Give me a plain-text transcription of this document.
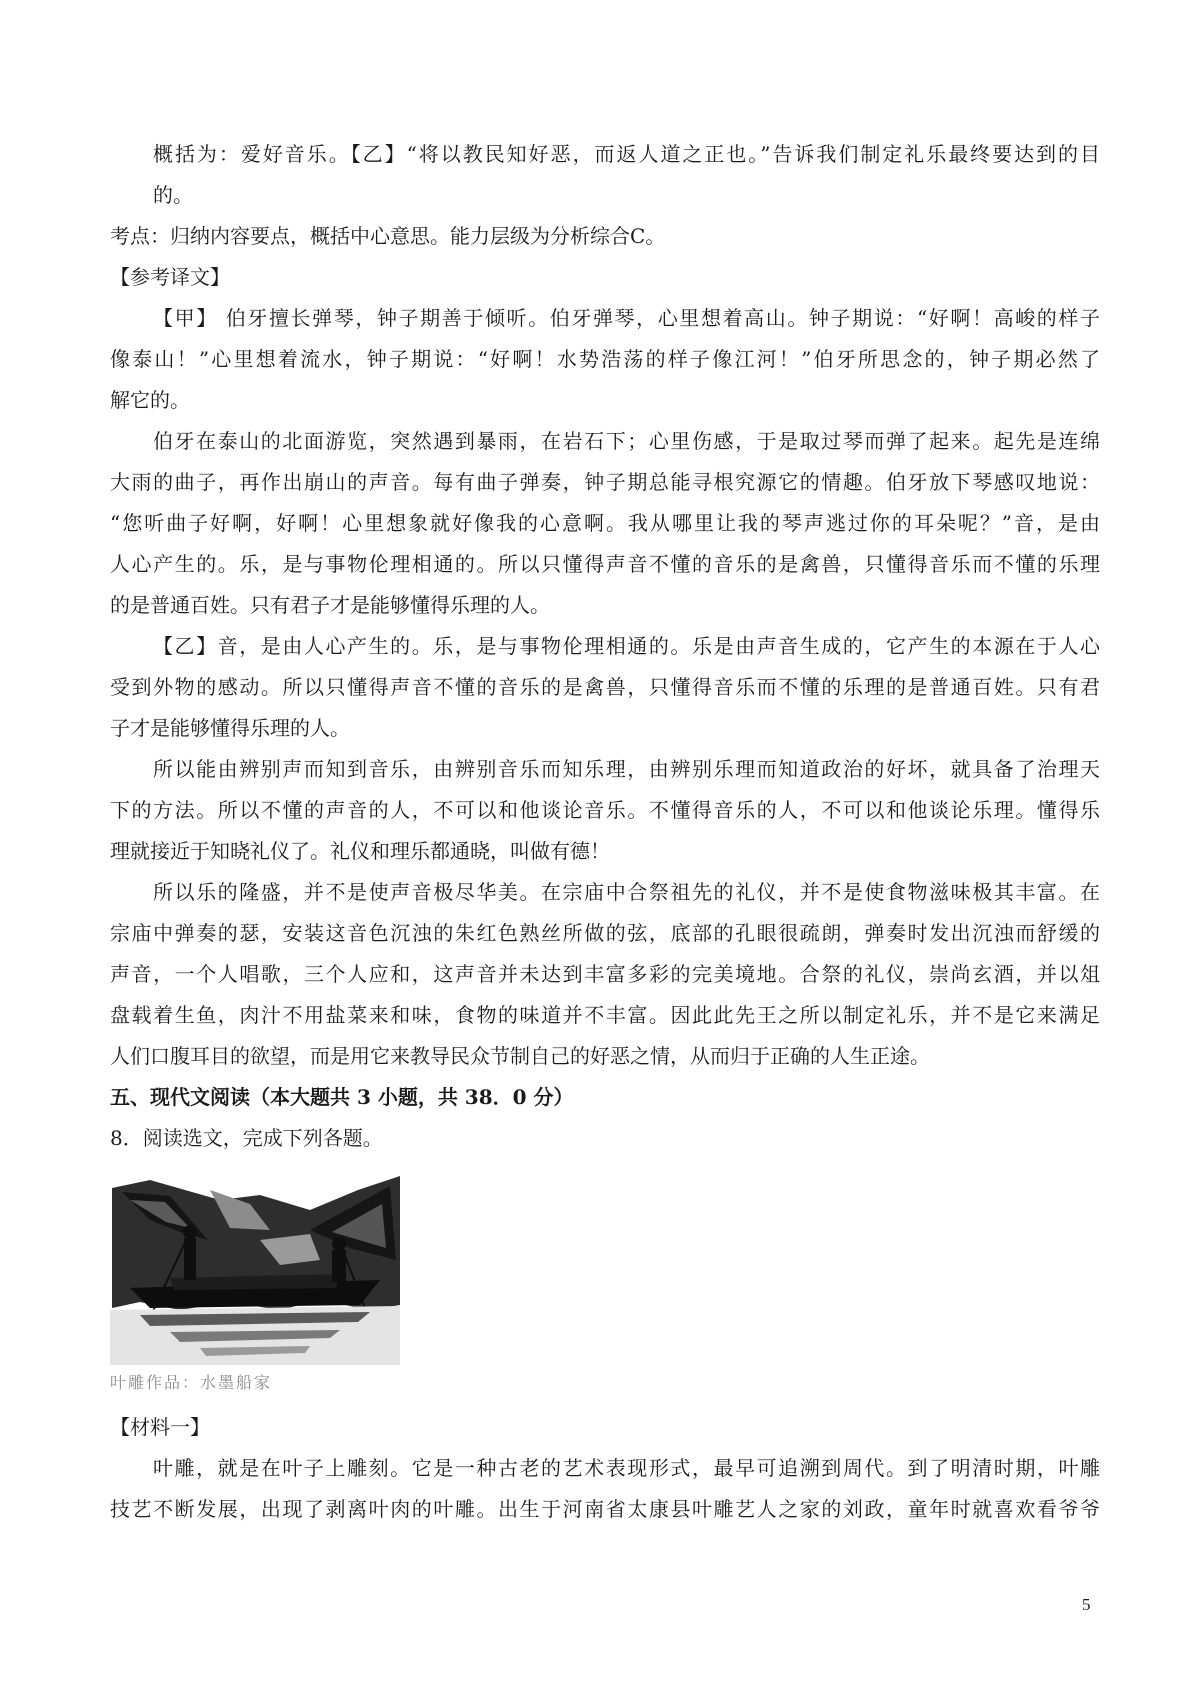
概括为：爱好音乐。【乙】“将以教民知好恶，而返人道之正也。”告诉我们制定礼乐最终要达到的目
的。
考点：归纳内容要点，概括中心意思。能力层级为分析综合C。
【参考译文】
【甲】 伯牙擅长弹琴，钟子期善于倾听。伯牙弹琴，心里想着高山。钟子期说：“好啊！高峻的样子
像泰山！”心里想着流水，钟子期说：“好啊！水势浩荡的样子像江河！”伯牙所思念的，钟子期必然了
解它的。
伯牙在泰山的北面游览，突然遇到暴雨，在岩石下；心里伤感，于是取过琴而弹了起来。起先是连绵
大雨的曲子，再作出崩山的声音。每有曲子弹奏，钟子期总能寻根究源它的情趣。伯牙放下琴感叹地说：
“您听曲子好啊，好啊！心里想象就好像我的心意啊。我从哪里让我的琴声逃过你的耳朵呢？”音，是由
人心产生的。乐，是与事物伦理相通的。所以只懂得声音不懂的音乐的是禽兽，只懂得音乐而不懂的乐理
的是普通百姓。只有君子才是能够懂得乐理的人。
【乙】音，是由人心产生的。乐，是与事物伦理相通的。乐是由声音生成的，它产生的本源在于人心
受到外物的感动。所以只懂得声音不懂的音乐的是禽兽，只懂得音乐而不懂的乐理的是普通百姓。只有君
子才是能够懂得乐理的人。
所以能由辨别声而知到音乐，由辨别音乐而知乐理，由辨别乐理而知道政治的好坏，就具备了治理天
下的方法。所以不懂的声音的人，不可以和他谈论音乐。不懂得音乐的人，不可以和他谈论乐理。懂得乐
理就接近于知晓礼仪了。礼仪和理乐都通晓，叫做有德！
所以乐的隆盛，并不是使声音极尽华美。在宗庙中合祭祖先的礼仪，并不是使食物滋味极其丰富。在
宗庙中弹奏的瑟，安装这音色沉浊的朱红色熟丝所做的弦，底部的孔眼很疏朗，弹奏时发出沉浊而舒缓的
声音，一个人唱歌，三个人应和，这声音并未达到丰富多彩的完美境地。合祭的礼仪，崇尚玄酒，并以俎
盘载着生鱼，肉汁不用盐菜来和味，食物的味道并不丰富。因此此先王之所以制定礼乐，并不是它来满足
人们口腹耳目的欲望，而是用它来教导民众节制自己的好恶之情，从而归于正确的人生正途。
五、现代文阅读（本大题共 3 小题，共 38．0 分）
8．阅读选文，完成下列各题。
叶雕作品：水墨船家
【材料一】
叶雕，就是在叶子上雕刻。它是一种古老的艺术表现形式，最早可追溯到周代。到了明清时期，叶雕
技艺不断发展，出现了剥离叶肉的叶雕。出生于河南省太康县叶雕艺人之家的刘政，童年时就喜欢看爷爷
5
